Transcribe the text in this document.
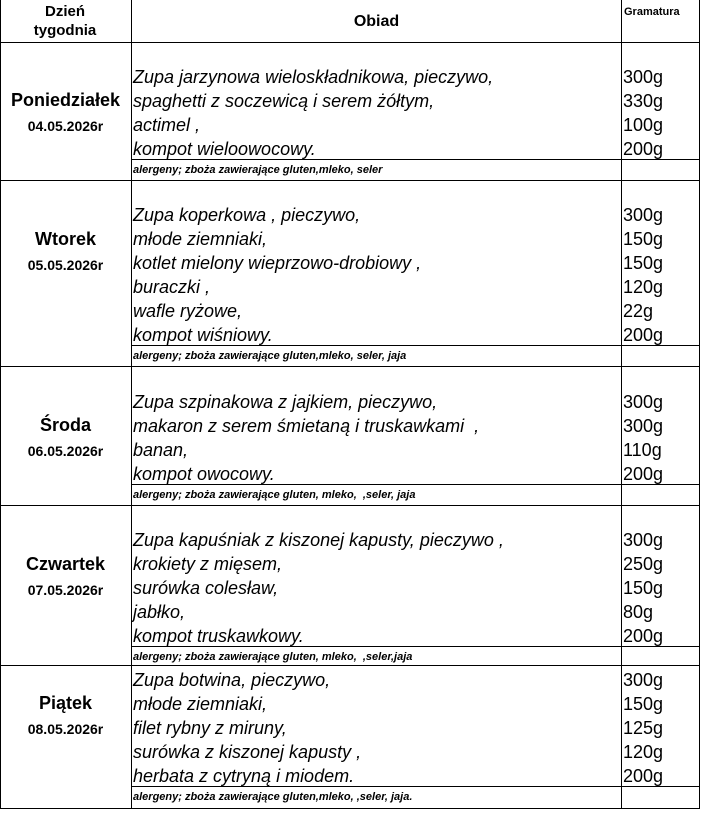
Dzień tygodnia
Obiad
Gramatura
Poniedziałek
04.05.2026r
Zupa jarzynowa wieloskładnikowa, pieczywo,
spaghetti z soczewicą i serem żółtym,
actimel ,
kompot wieloowocowy.
300g
330g
100g
200g
alergeny; zboża zawierające gluten,mleko, seler
Wtorek
05.05.2026r
Zupa koperkowa , pieczywo,
młode ziemniaki,
kotlet mielony wieprzowo-drobiowy ,
buraczki ,
wafle ryżowe,
kompot wiśniowy.
300g
150g
150g
120g
22g
200g
alergeny; zboża zawierające gluten,mleko, seler, jaja
Środa
06.05.2026r
Zupa szpinakowa z jajkiem, pieczywo,
makaron z serem śmietaną i truskawkami  ,
banan,
kompot owocowy.
300g
300g
110g
200g
alergeny; zboża zawierające gluten, mleko,  ,seler, jaja
Czwartek
07.05.2026r
Zupa kapuśniak z kiszonej kapusty, pieczywo ,
krokiety z mięsem,
surówka colesław,
jabłko,
kompot truskawkowy.
300g
250g
150g
80g
200g
alergeny; zboża zawierające gluten, mleko,  ,seler,jaja
Piątek
08.05.2026r
Zupa botwina, pieczywo,
młode ziemniaki,
filet rybny z miruny,
surówka z kiszonej kapusty ,
herbata z cytryną i miodem.
300g
150g
125g
120g
200g
alergeny; zboża zawierające gluten,mleko, ,seler, jaja.
